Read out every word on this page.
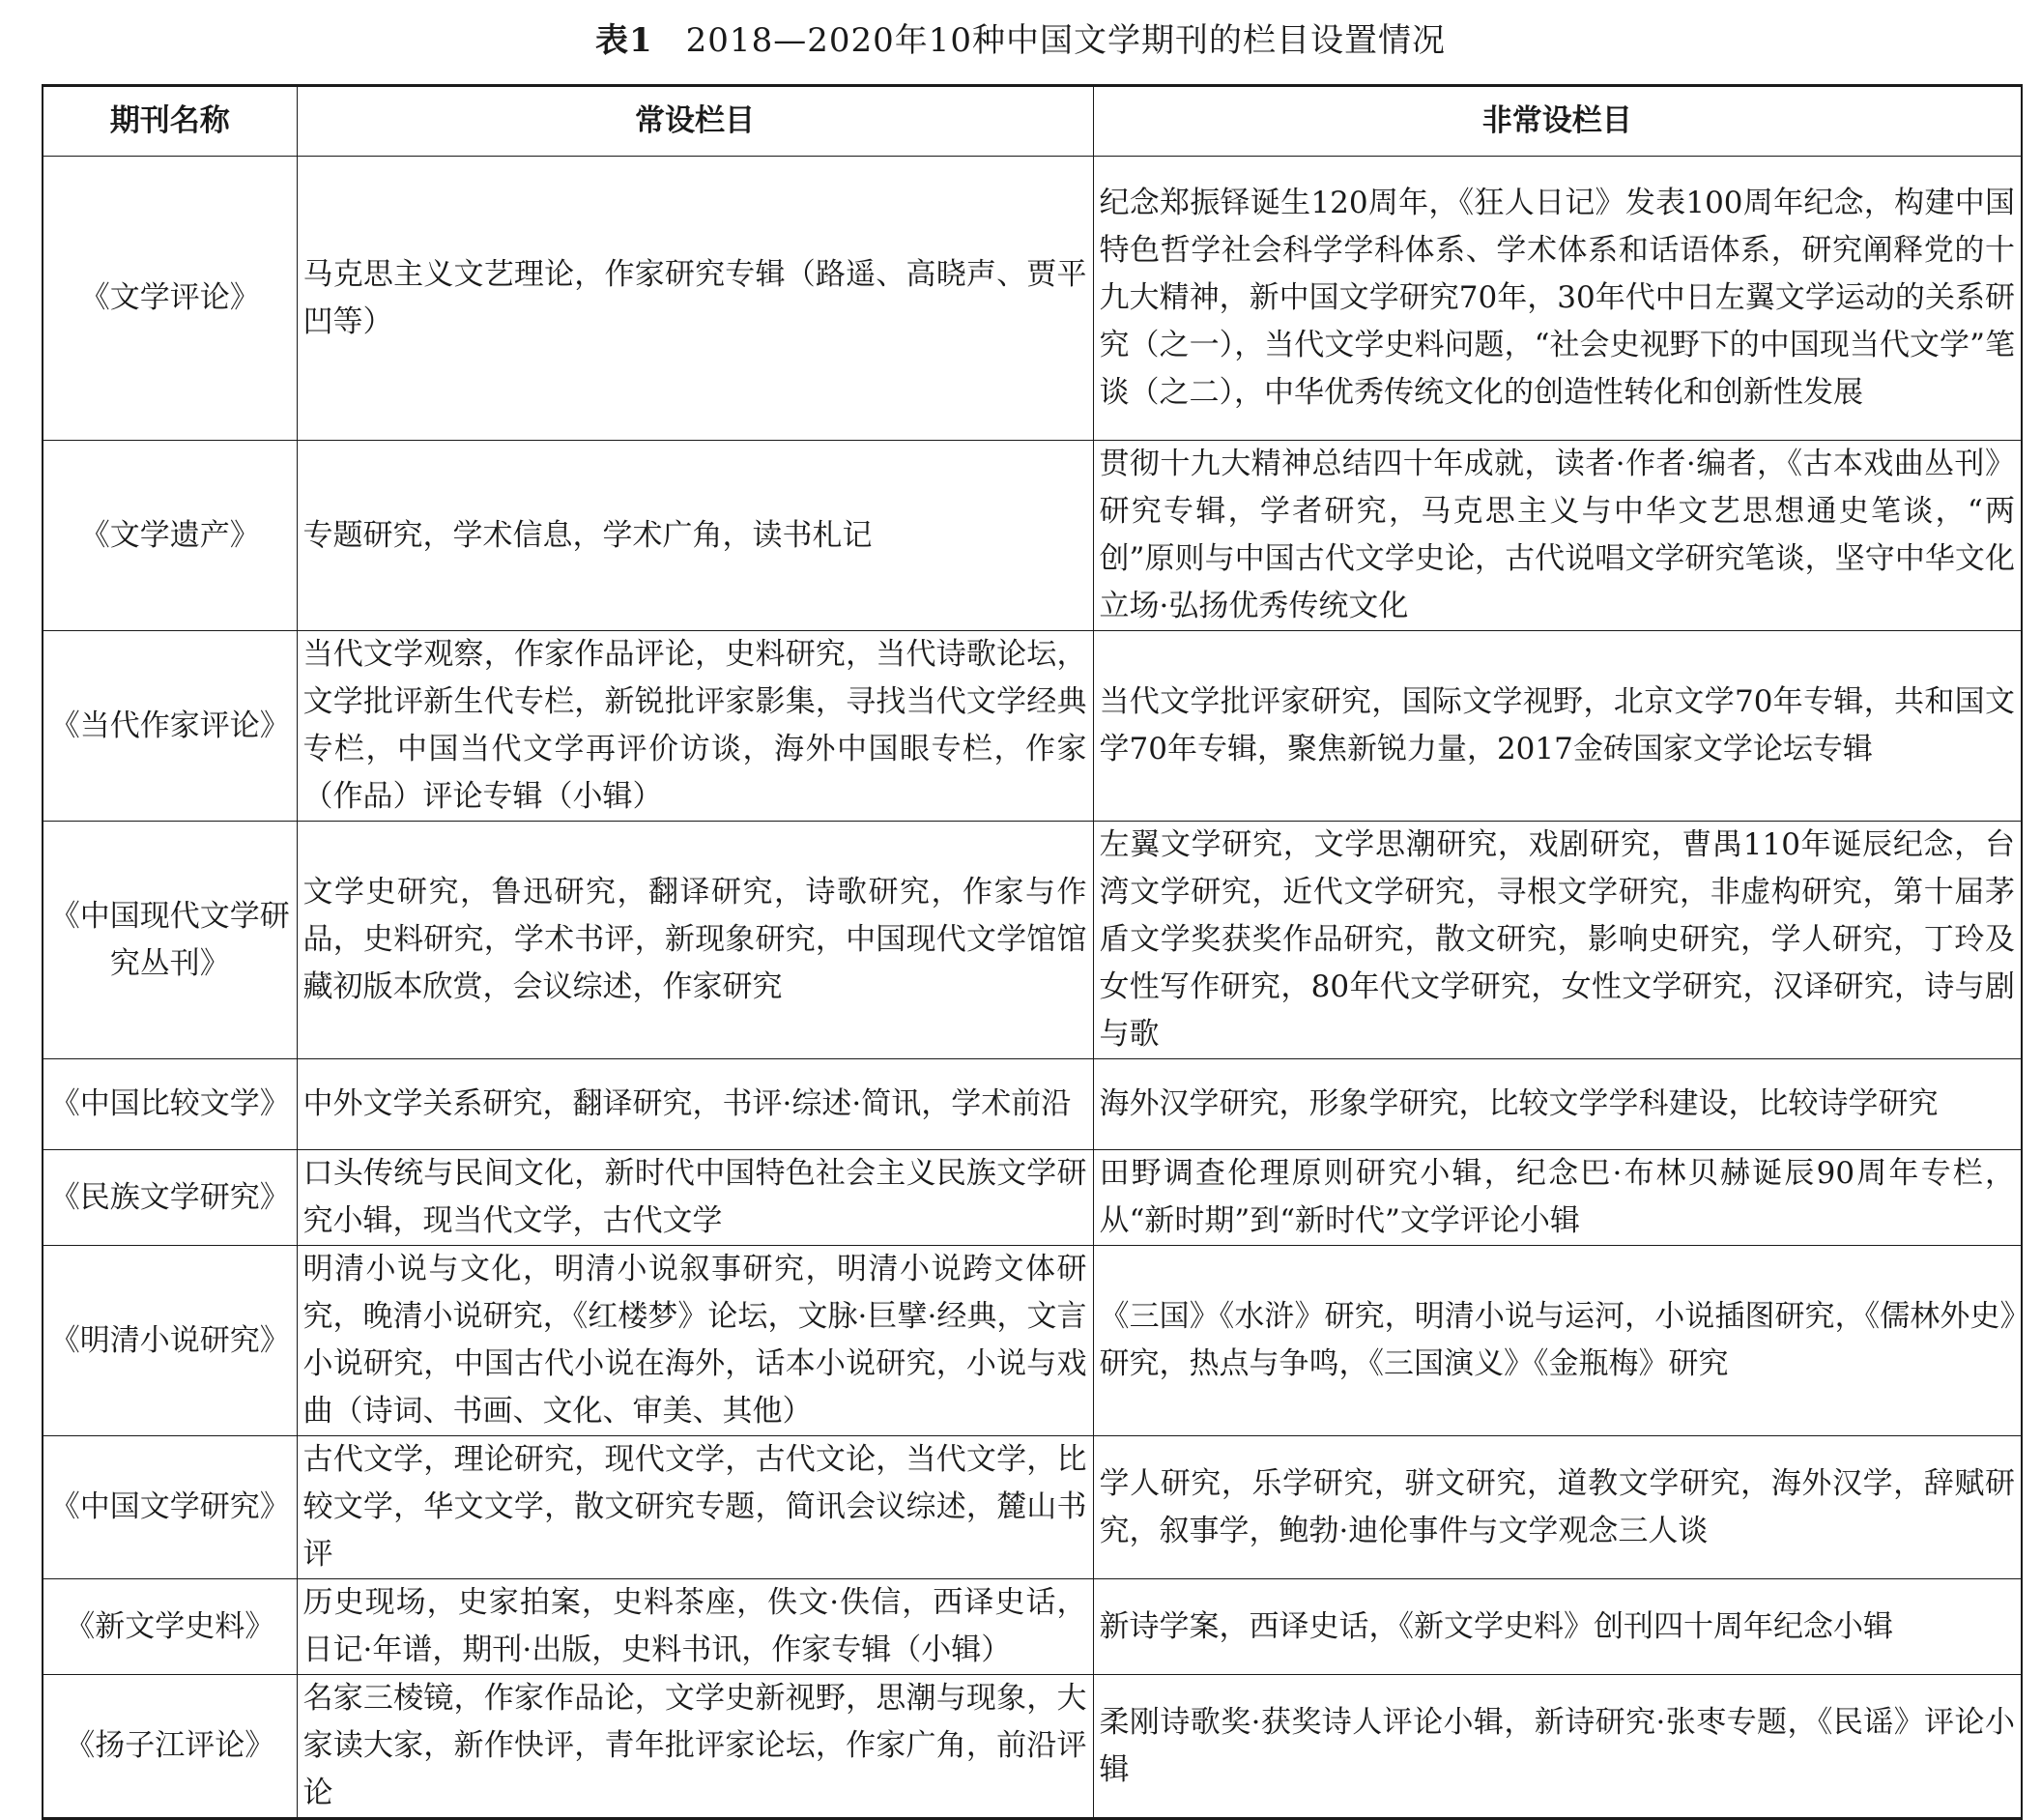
表1 2018—2020年10种中国文学期刊的栏目设置情况
期刊名称	常设栏目	非常设栏目
《文学评论》	马克思主义文艺理论，作家研究专辑（路遥、高晓声、贾平凹等）	纪念郑振铎诞生120周年，《狂人日记》发表100周年纪念，构建中国特色哲学社会科学学科体系、学术体系和话语体系，研究阐释党的十九大精神，新中国文学研究70年，30年代中日左翼文学运动的关系研究（之一），当代文学史料问题，“社会史视野下的中国现当代文学”笔谈（之二），中华优秀传统文化的创造性转化和创新性发展
《文学遗产》	专题研究，学术信息，学术广角，读书札记	贯彻十九大精神总结四十年成就，读者·作者·编者，《古本戏曲丛刊》研究专辑，学者研究，马克思主义与中华文艺思想通史笔谈，“两创”原则与中国古代文学史论，古代说唱文学研究笔谈，坚守中华文化立场·弘扬优秀传统文化
《当代作家评论》	当代文学观察，作家作品评论，史料研究，当代诗歌论坛，文学批评新生代专栏，新锐批评家影集，寻找当代文学经典专栏，中国当代文学再评价访谈，海外中国眼专栏，作家（作品）评论专辑（小辑）	当代文学批评家研究，国际文学视野，北京文学70年专辑，共和国文学70年专辑，聚焦新锐力量，2017金砖国家文学论坛专辑
《中国现代文学研究丛刊》	文学史研究，鲁迅研究，翻译研究，诗歌研究，作家与作品，史料研究，学术书评，新现象研究，中国现代文学馆馆藏初版本欣赏，会议综述，作家研究	左翼文学研究，文学思潮研究，戏剧研究，曹禺110年诞辰纪念，台湾文学研究，近代文学研究，寻根文学研究，非虚构研究，第十届茅盾文学奖获奖作品研究，散文研究，影响史研究，学人研究，丁玲及女性写作研究，80年代文学研究，女性文学研究，汉译研究，诗与剧与歌
《中国比较文学》	中外文学关系研究，翻译研究，书评·综述·简讯，学术前沿	海外汉学研究，形象学研究，比较文学学科建设，比较诗学研究
《民族文学研究》	口头传统与民间文化，新时代中国特色社会主义民族文学研究小辑，现当代文学，古代文学	田野调查伦理原则研究小辑，纪念巴·布林贝赫诞辰90周年专栏，从“新时期”到“新时代”文学评论小辑
《明清小说研究》	明清小说与文化，明清小说叙事研究，明清小说跨文体研究，晚清小说研究，《红楼梦》论坛，文脉·巨擘·经典，文言小说研究，中国古代小说在海外，话本小说研究，小说与戏曲（诗词、书画、文化、审美、其他）	《三国》《水浒》研究，明清小说与运河，小说插图研究，《儒林外史》研究，热点与争鸣，《三国演义》《金瓶梅》研究
《中国文学研究》	古代文学，理论研究，现代文学，古代文论，当代文学，比较文学，华文文学，散文研究专题，简讯会议综述，麓山书评	学人研究，乐学研究，骈文研究，道教文学研究，海外汉学，辞赋研究，叙事学，鲍勃·迪伦事件与文学观念三人谈
《新文学史料》	历史现场，史家拍案，史料茶座，佚文·佚信，西译史话，日记·年谱，期刊·出版，史料书讯，作家专辑（小辑）	新诗学案，西译史话，《新文学史料》创刊四十周年纪念小辑
《扬子江评论》	名家三棱镜，作家作品论，文学史新视野，思潮与现象，大家读大家，新作快评，青年批评家论坛，作家广角，前沿评论	柔刚诗歌奖·获奖诗人评论小辑，新诗研究·张枣专题，《民谣》评论小辑
